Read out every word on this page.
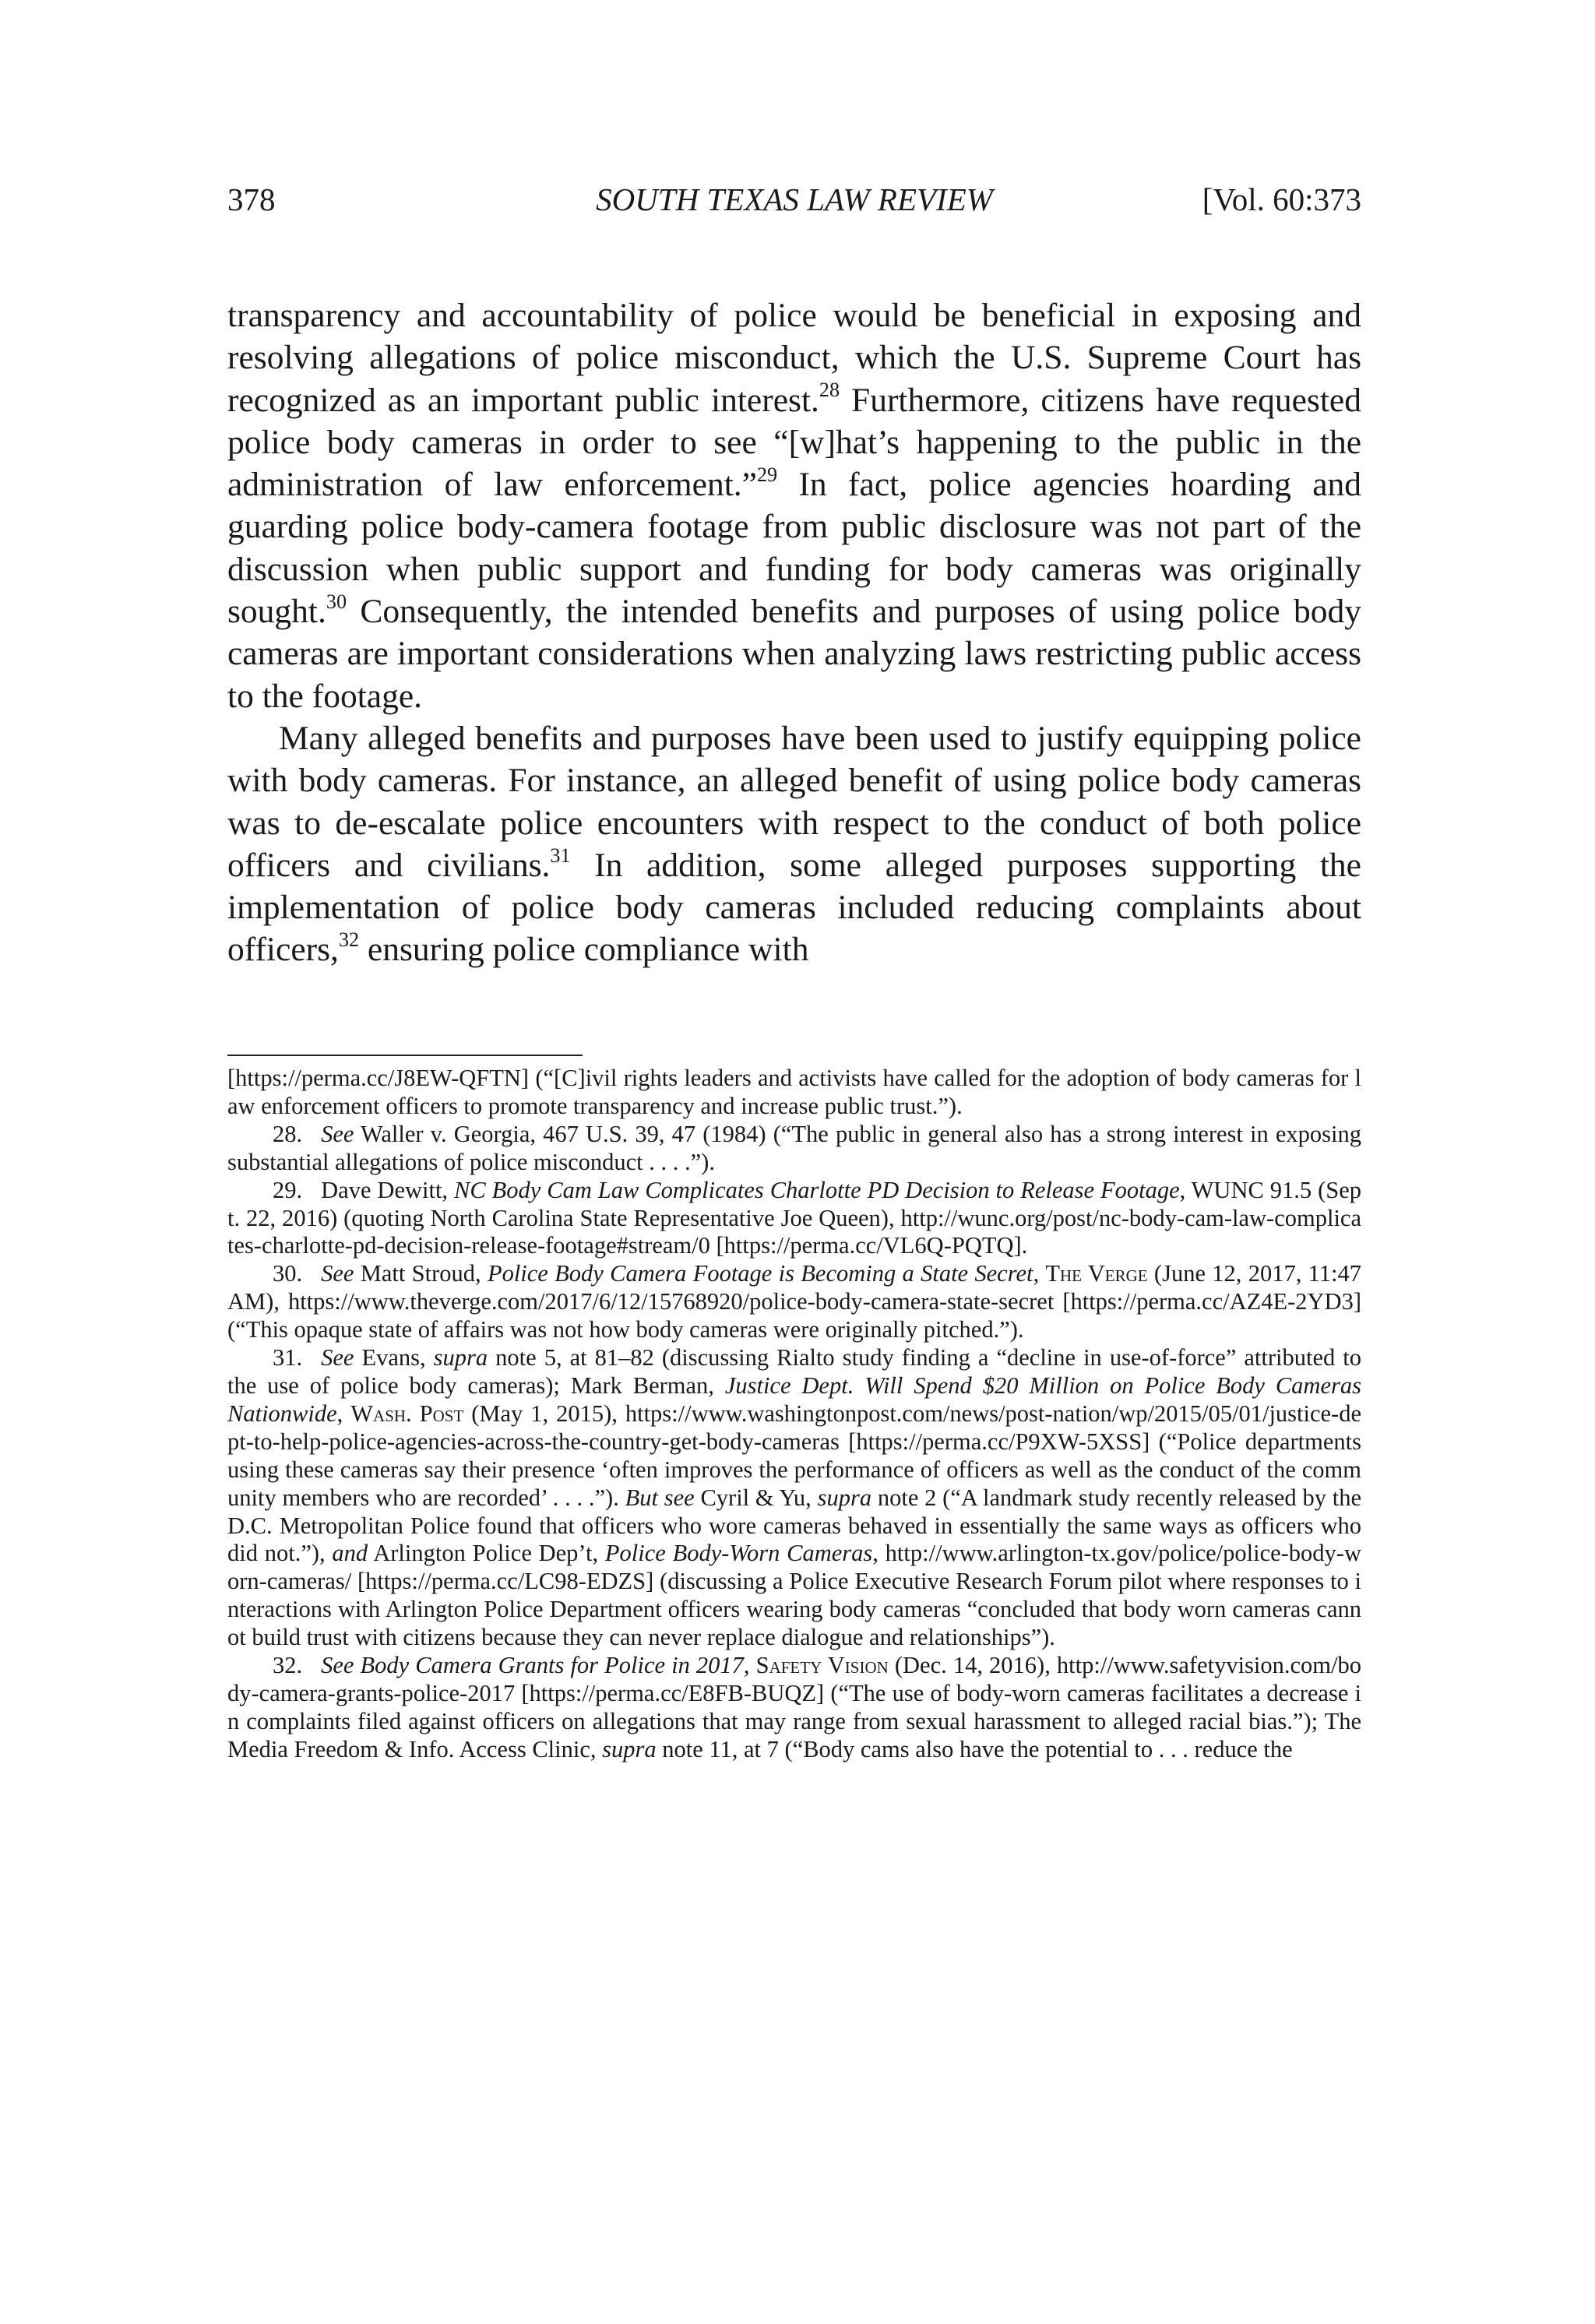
378	SOUTH TEXAS LAW REVIEW	[Vol. 60:373

transparency and accountability of police would be beneficial in exposing and resolving allegations of police misconduct, which the U.S. Supreme Court has recognized as an important public interest.$^{28}$ Furthermore, citizens have requested police body cameras in order to see “[w]hat’s happening to the public in the administration of law enforcement.”$^{29}$ In fact, police agencies hoarding and guarding police body-camera footage from public disclosure was not part of the discussion when public support and funding for body cameras was originally sought.$^{30}$ Consequently, the intended benefits and purposes of using police body cameras are important considerations when analyzing laws restricting public access to the footage.

Many alleged benefits and purposes have been used to justify equipping police with body cameras. For instance, an alleged benefit of using police body cameras was to de-escalate police encounters with respect to the conduct of both police officers and civilians.$^{31}$ In addition, some alleged purposes supporting the implementation of police body cameras included reducing complaints about officers,$^{32}$ ensuring police compliance with

[https://perma.cc/J8EW-QFTN] (“[C]ivil rights leaders and activists have called for the adoption of body cameras for law enforcement officers to promote transparency and increase public trust.”).

28. See Waller v. Georgia, 467 U.S. 39, 47 (1984) (“The public in general also has a strong interest in exposing substantial allegations of police misconduct . . . .”).

29. Dave Dewitt, NC Body Cam Law Complicates Charlotte PD Decision to Release Footage, WUNC 91.5 (Sept. 22, 2016) (quoting North Carolina State Representative Joe Queen), http://wunc.org/post/nc-body-cam-law-complicates-charlotte-pd-decision-release-footage#stream/0 [https://perma.cc/VL6Q-PQTQ].

30. See Matt Stroud, Police Body Camera Footage is Becoming a State Secret, The Verge (June 12, 2017, 11:47 AM), https://www.theverge.com/2017/6/12/15768920/police-body-camera-state-secret [https://perma.cc/AZ4E-2YD3] (“This opaque state of affairs was not how body cameras were originally pitched.”).

31. See Evans, supra note 5, at 81–82 (discussing Rialto study finding a “decline in use-of-force” attributed to the use of police body cameras); Mark Berman, Justice Dept. Will Spend $20 Million on Police Body Cameras Nationwide, Wash. Post (May 1, 2015), https://www.washingtonpost.com/news/post-nation/wp/2015/05/01/justice-dept-to-help-police-agencies-across-the-country-get-body-cameras [https://perma.cc/P9XW-5XSS] (“Police departments using these cameras say their presence ‘often improves the performance of officers as well as the conduct of the community members who are recorded’ . . . .”). But see Cyril & Yu, supra note 2 (“A landmark study recently released by the D.C. Metropolitan Police found that officers who wore cameras behaved in essentially the same ways as officers who did not.”), and Arlington Police Dep’t, Police Body-Worn Cameras, http://www.arlington-tx.gov/police/police-body-worn-cameras/ [https://perma.cc/LC98-EDZS] (discussing a Police Executive Research Forum pilot where responses to interactions with Arlington Police Department officers wearing body cameras “concluded that body worn cameras cannot build trust with citizens because they can never replace dialogue and relationships”).

32. See Body Camera Grants for Police in 2017, Safety Vision (Dec. 14, 2016), http://www.safetyvision.com/body-camera-grants-police-2017 [https://perma.cc/E8FB-BUQZ] (“The use of body-worn cameras facilitates a decrease in complaints filed against officers on allegations that may range from sexual harassment to alleged racial bias.”); The Media Freedom & Info. Access Clinic, supra note 11, at 7 (“Body cams also have the potential to . . . reduce the
